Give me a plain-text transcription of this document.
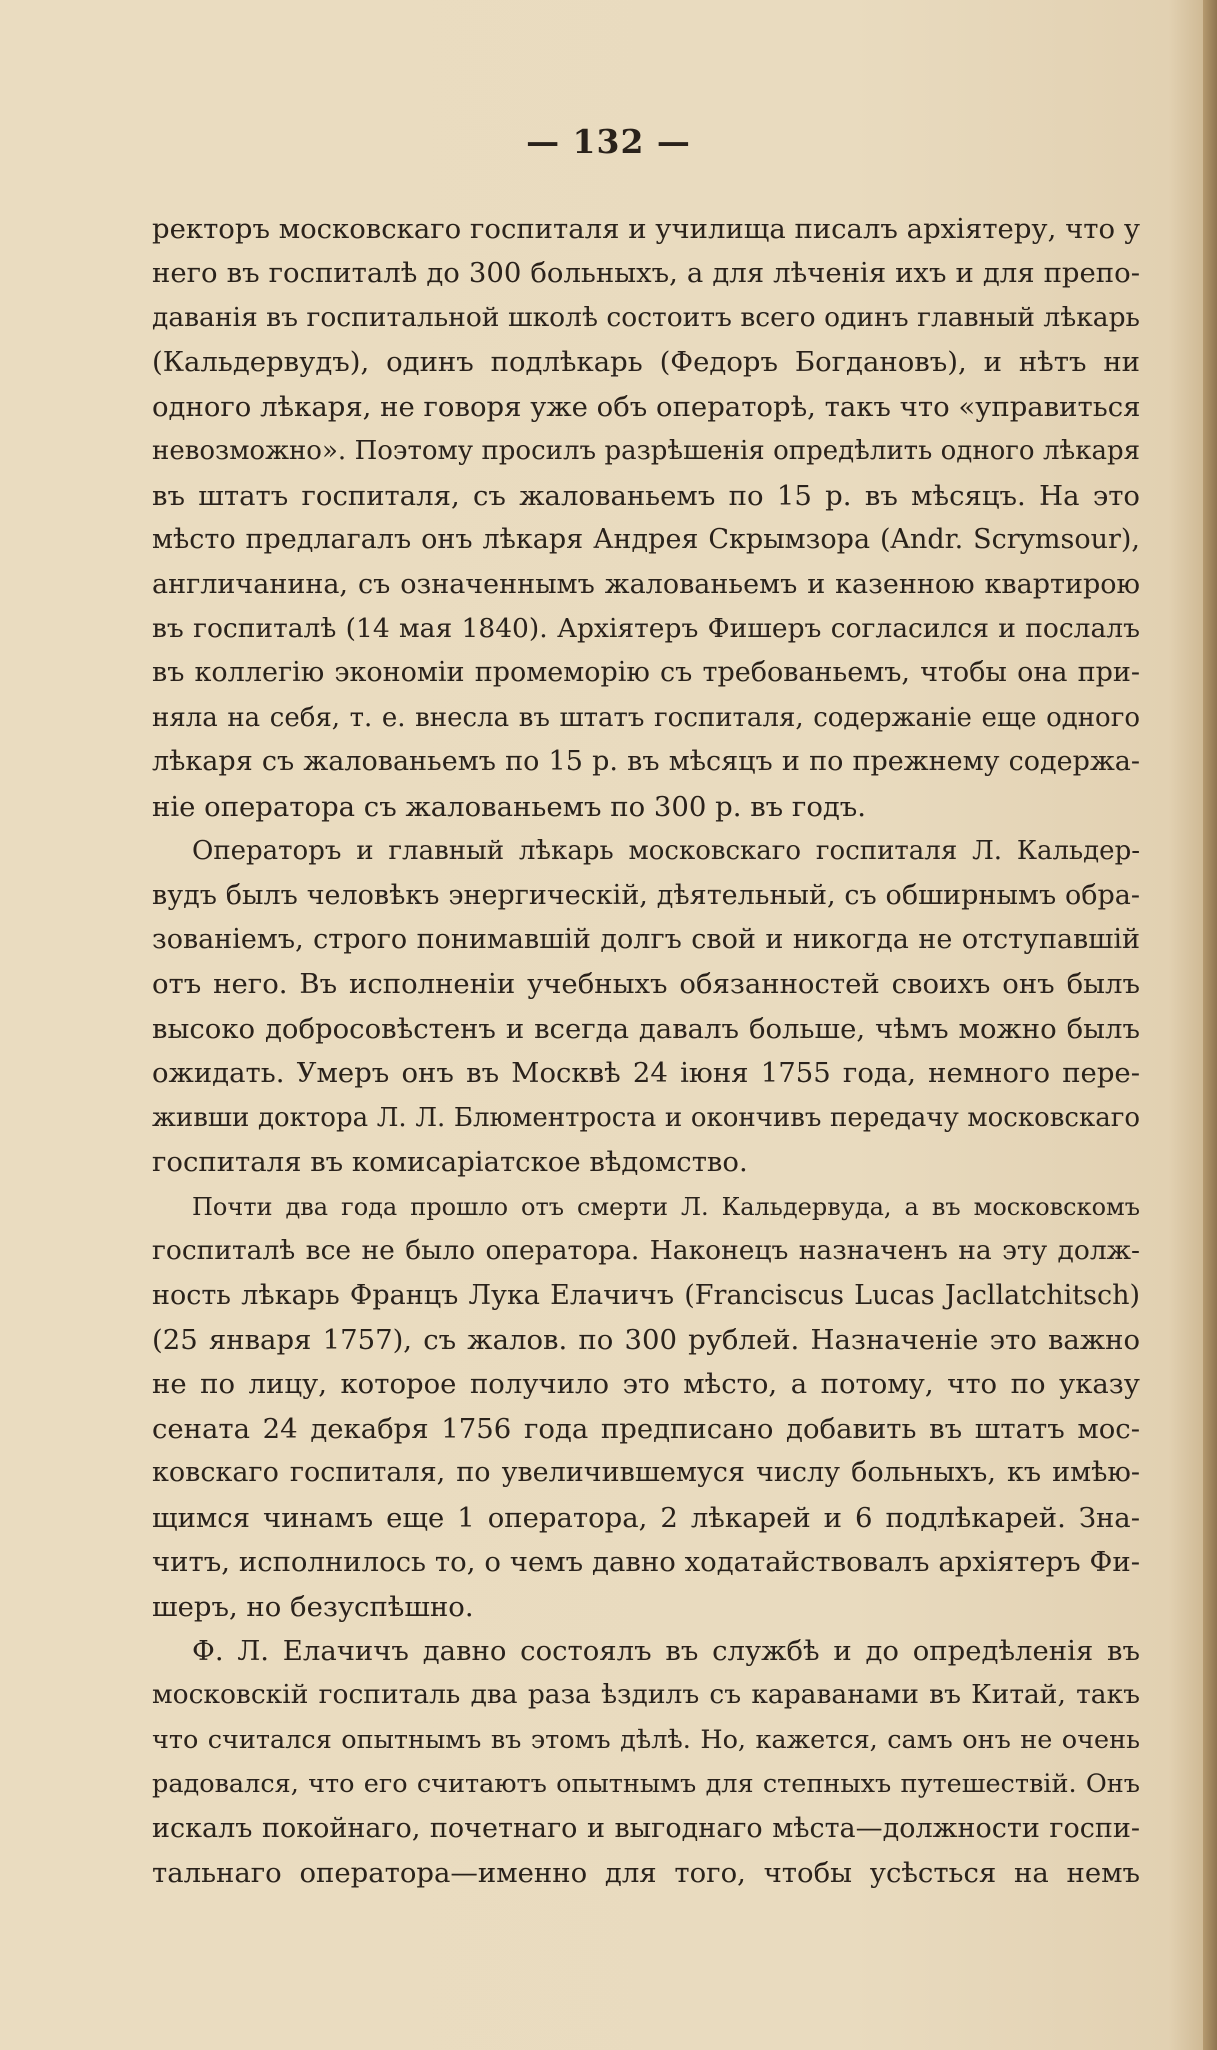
— 132 —
ректоръ московскаго госпиталя и училища писалъ архіятеру, что у
него въ госпиталѣ до 300 больныхъ, а для лѣченія ихъ и для препо-
даванія въ госпитальной школѣ состоитъ всего одинъ главный лѣкарь
(Кальдервудъ), одинъ подлѣкарь (Федоръ Богдановъ), и нѣтъ ни
одного лѣкаря, не говоря уже объ операторѣ, такъ что «управиться
невозможно». Поэтому просилъ разрѣшенія опредѣлить одного лѣкаря
въ штатъ госпиталя, съ жалованьемъ по 15 р. въ мѣсяцъ. На это
мѣсто предлагалъ онъ лѣкаря Андрея Скрымзора (Andr. Scrymsour),
англичанина, съ означеннымъ жалованьемъ и казенною квартирою
въ госпиталѣ (14 мая 1840). Архіятеръ Фишеръ согласился и послалъ
въ коллегію экономіи промеморію съ требованьемъ, чтобы она при-
няла на себя, т. е. внесла въ штатъ госпиталя, содержаніе еще одного
лѣкаря съ жалованьемъ по 15 р. въ мѣсяцъ и по прежнему содержа-
ніе оператора съ жалованьемъ по 300 р. въ годъ.
Операторъ и главный лѣкарь московскаго госпиталя Л. Кальдер-
вудъ былъ человѣкъ энергическій, дѣятельный, съ обширнымъ обра-
зованіемъ, строго понимавшій долгъ свой и никогда не отступавшій
отъ него. Въ исполненіи учебныхъ обязанностей своихъ онъ былъ
высоко добросовѣстенъ и всегда давалъ больше, чѣмъ можно былъ
ожидать. Умеръ онъ въ Москвѣ 24 іюня 1755 года, немного пере-
живши доктора Л. Л. Блюментроста и окончивъ передачу московскаго
госпиталя въ комисаріатское вѣдомство.
Почти два года прошло отъ смерти Л. Кальдервуда, а въ московскомъ
госпиталѣ все не было оператора. Наконецъ назначенъ на эту долж-
ность лѣкарь Францъ Лука Елачичъ (Franciscus Lucas Jacllatchitsch)
(25 января 1757), съ жалов. по 300 рублей. Назначеніе это важно
не по лицу, которое получило это мѣсто, а потому, что по указу
сената 24 декабря 1756 года предписано добавить въ штатъ мос-
ковскаго госпиталя, по увеличившемуся числу больныхъ, къ имѣю-
щимся чинамъ еще 1 оператора, 2 лѣкарей и 6 подлѣкарей. Зна-
читъ, исполнилось то, о чемъ давно ходатайствовалъ архіятеръ Фи-
шеръ, но безуспѣшно.
Ф. Л. Елачичъ давно состоялъ въ службѣ и до опредѣленія въ
московскій госпиталь два раза ѣздилъ съ караванами въ Китай, такъ
что считался опытнымъ въ этомъ дѣлѣ. Но, кажется, самъ онъ не очень
радовался, что его считаютъ опытнымъ для степныхъ путешествій. Онъ
искалъ покойнаго, почетнаго и выгоднаго мѣста—должности госпи-
тальнаго оператора—именно для того, чтобы усѣсться на немъ
